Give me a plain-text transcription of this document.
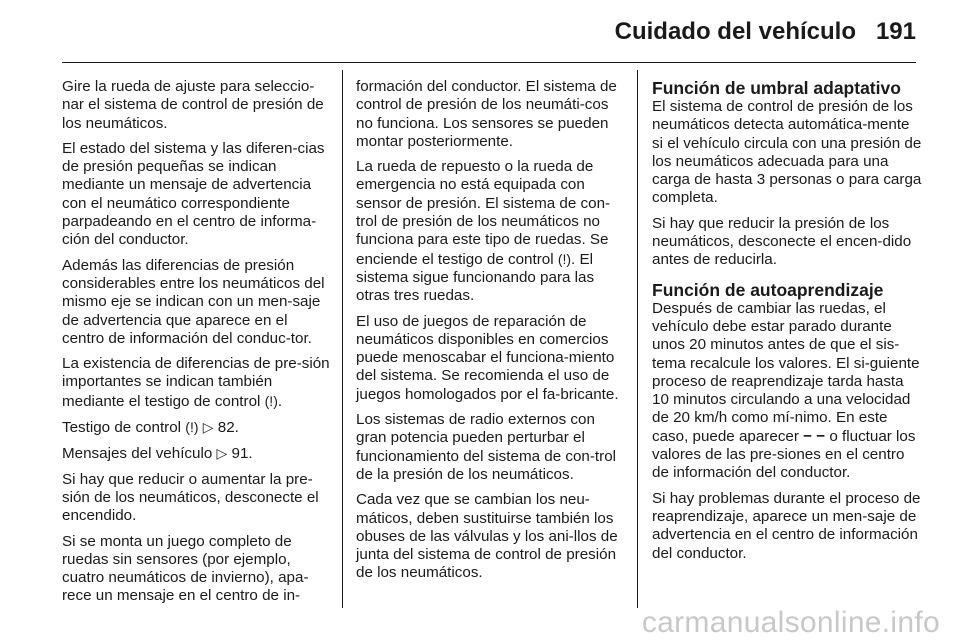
Cuidado del vehículo 191

Gire la rueda de ajuste para seleccio-nar el sistema de control de presión de los neumáticos.

El estado del sistema y las diferen-cias de presión pequeñas se indican mediante un mensaje de advertencia con el neumático correspondiente parpadeando en el centro de informa-ción del conductor.

Además las diferencias de presión considerables entre los neumáticos del mismo eje se indican con un men-saje de advertencia que aparece en el centro de información del conduc-tor.

La existencia de diferencias de pre-sión importantes se indican también mediante el testigo de control (!).

Testigo de control (!) ▷ 82.

Mensajes del vehículo ▷ 91.

Si hay que reducir o aumentar la pre-sión de los neumáticos, desconecte el encendido.

Si se monta un juego completo de ruedas sin sensores (por ejemplo, cuatro neumáticos de invierno), apa-rece un mensaje en el centro de in-

formación del conductor. El sistema de control de presión de los neumáti-cos no funciona. Los sensores se pueden montar posteriormente.

La rueda de repuesto o la rueda de emergencia no está equipada con sensor de presión. El sistema de con-trol de presión de los neumáticos no funciona para este tipo de ruedas. Se enciende el testigo de control (!). El sistema sigue funcionando para las otras tres ruedas.

El uso de juegos de reparación de neumáticos disponibles en comercios puede menoscabar el funciona-miento del sistema. Se recomienda el uso de juegos homologados por el fa-bricante.

Los sistemas de radio externos con gran potencia pueden perturbar el funcionamiento del sistema de con-trol de la presión de los neumáticos.

Cada vez que se cambian los neu-máticos, deben sustituirse también los obuses de las válvulas y los ani-llos de junta del sistema de control de presión de los neumáticos.

Función de umbral adaptativo

El sistema de control de presión de los neumáticos detecta automática-mente si el vehículo circula con una presión de los neumáticos adecuada para una carga de hasta 3 personas o para carga completa.

Si hay que reducir la presión de los neumáticos, desconecte el encen-dido antes de reducirla.

Función de autoaprendizaje

Después de cambiar las ruedas, el vehículo debe estar parado durante unos 20 minutos antes de que el sis-tema recalcule los valores. El si-guiente proceso de reaprendizaje tarda hasta 10 minutos circulando a una velocidad de 20 km/h como mí-nimo. En este caso, puede aparecer − − o fluctuar los valores de las pre-siones en el centro de información del conductor.

Si hay problemas durante el proceso de reaprendizaje, aparece un men-saje de advertencia en el centro de información del conductor.

carmanualsonline.info
